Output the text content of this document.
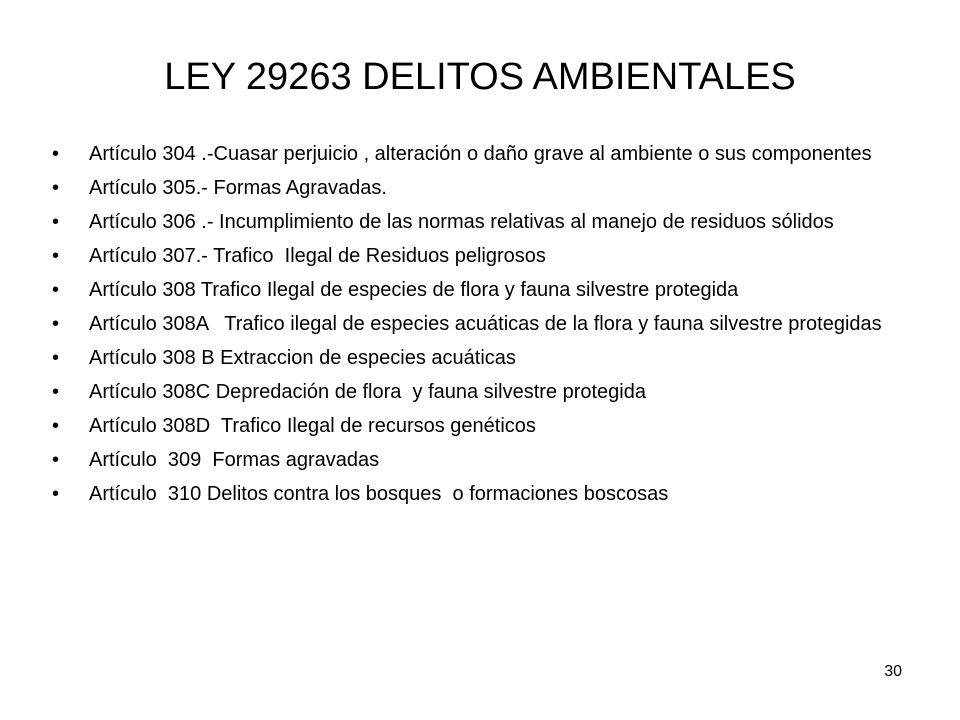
LEY 29263 DELITOS AMBIENTALES
•	Artículo 304 .-Cuasar perjuicio , alteración o daño grave al ambiente o sus componentes
•	Artículo 305.- Formas Agravadas.
•	Artículo 306 .- Incumplimiento de las normas relativas al manejo de residuos sólidos
•	Artículo 307.- Trafico  Ilegal de Residuos peligrosos
•	Artículo 308 Trafico Ilegal de especies de flora y fauna silvestre protegida
•	Artículo 308A   Trafico ilegal de especies acuáticas de la flora y fauna silvestre protegidas
•	Artículo 308 B Extraccion de especies acuáticas
•	Artículo 308C Depredación de flora  y fauna silvestre protegida
•	Artículo 308D  Trafico Ilegal de recursos genéticos
•	Artículo  309  Formas agravadas
•	Artículo  310 Delitos contra los bosques  o formaciones boscosas
30
